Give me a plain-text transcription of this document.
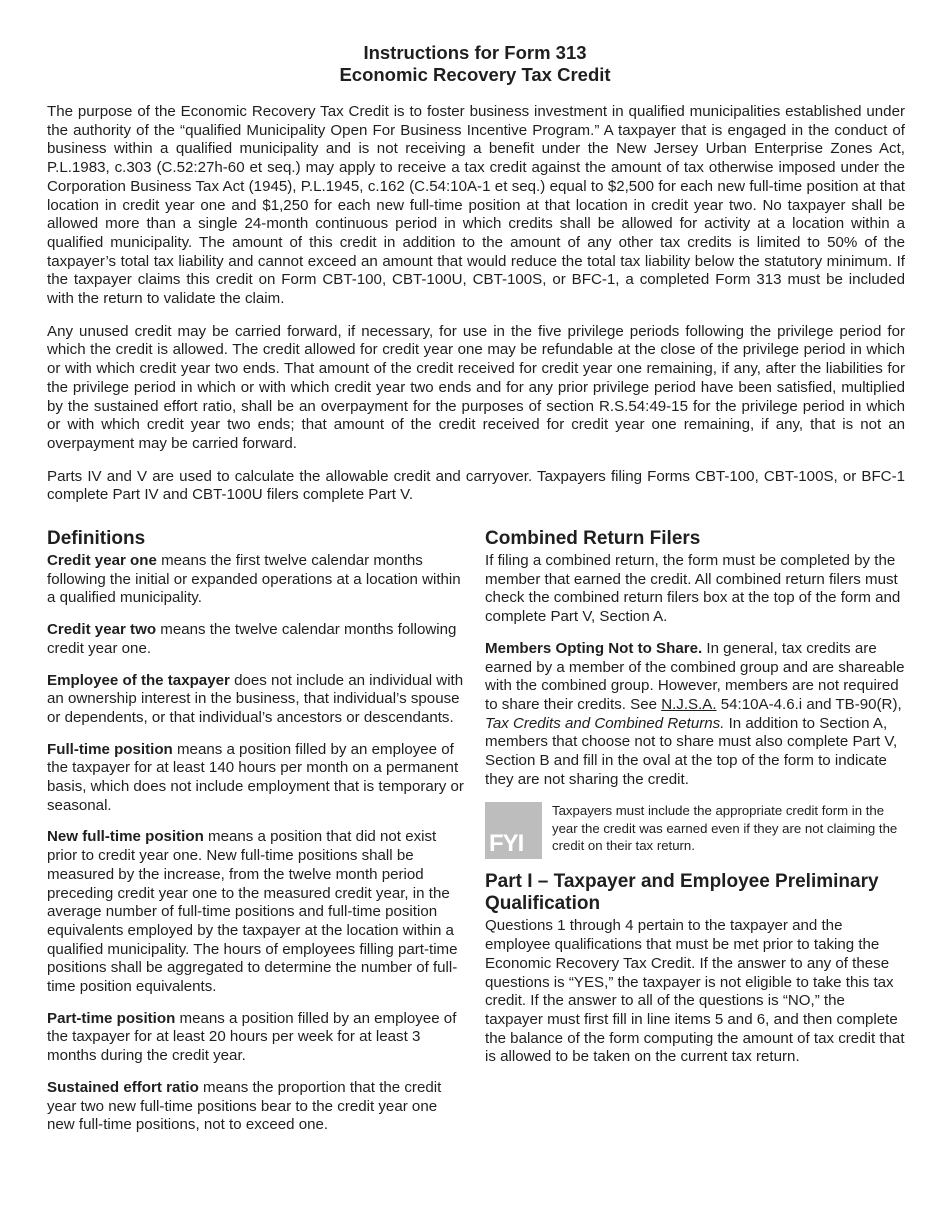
Instructions for Form 313
Economic Recovery Tax Credit

The purpose of the Economic Recovery Tax Credit is to foster business investment in qualified municipalities established under the authority of the “qualified Municipality Open For Business Incentive Program.” A taxpayer that is engaged in the conduct of business within a qualified municipality and is not receiving a benefit under the New Jersey Urban Enterprise Zones Act, P.L.1983, c.303 (C.52:27h-60 et seq.) may apply to receive a tax credit against the amount of tax otherwise imposed under the Corporation Business Tax Act (1945), P.L.1945, c.162 (C.54:10A-1 et seq.) equal to $2,500 for each new full-time position at that location in credit year one and $1,250 for each new full-time position at that location in credit year two. No taxpayer shall be allowed more than a single 24-month continuous period in which credits shall be allowed for activity at a location within a qualified municipality. The amount of this credit in addition to the amount of any other tax credits is limited to 50% of the taxpayer’s total tax liability and cannot exceed an amount that would reduce the total tax liability below the statutory minimum. If the taxpayer claims this credit on Form CBT-100, CBT-100U, CBT-100S, or BFC-1, a completed Form 313 must be included with the return to validate the claim.

Any unused credit may be carried forward, if necessary, for use in the five privilege periods following the privilege period for which the credit is allowed. The credit allowed for credit year one may be refundable at the close of the privilege period in which or with which credit year two ends. That amount of the credit received for credit year one remaining, if any, after the liabilities for the privilege period in which or with which credit year two ends and for any prior privilege period have been satisfied, multiplied by the sustained effort ratio, shall be an overpayment for the purposes of section R.S.54:49-15 for the privilege period in which or with which credit year two ends; that amount of the credit received for credit year one remaining, if any, that is not an overpayment may be carried forward.

Parts IV and V are used to calculate the allowable credit and carryover. Taxpayers filing Forms CBT-100, CBT-100S, or BFC-1 complete Part IV and CBT-100U filers complete Part V.

Definitions

Credit year one means the first twelve calendar months following the initial or expanded operations at a location within a qualified municipality.

Credit year two means the twelve calendar months following credit year one.

Employee of the taxpayer does not include an individual with an ownership interest in the business, that individual’s spouse or dependents, or that individual’s ancestors or descendants.

Full-time position means a position filled by an employee of the taxpayer for at least 140 hours per month on a permanent basis, which does not include employment that is temporary or seasonal.

New full-time position means a position that did not exist prior to credit year one. New full-time positions shall be measured by the increase, from the twelve month period preceding credit year one to the measured credit year, in the average number of full-time positions and full-time position equivalents employed by the taxpayer at the location within a qualified municipality. The hours of employees filling part-time positions shall be aggregated to determine the number of full-time position equivalents.

Part-time position means a position filled by an employee of the taxpayer for at least 20 hours per week for at least 3 months during the credit year.

Sustained effort ratio means the proportion that the credit year two new full-time positions bear to the credit year one new full-time positions, not to exceed one.

Combined Return Filers

If filing a combined return, the form must be completed by the member that earned the credit. All combined return filers must check the combined return filers box at the top of the form and complete Part V, Section A.

Members Opting Not to Share. In general, tax credits are earned by a member of the combined group and are shareable with the combined group. However, members are not required to share their credits. See N.J.S.A. 54:10A-4.6.i and TB-90(R), Tax Credits and Combined Returns. In addition to Section A, members that choose not to share must also complete Part V, Section B and fill in the oval at the top of the form to indicate they are not sharing the credit.

FYI
Taxpayers must include the appropriate credit form in the year the credit was earned even if they are not claiming the credit on their tax return.
Part I – Taxpayer and Employee Preliminary Qualification

Questions 1 through 4 pertain to the taxpayer and the employee qualifications that must be met prior to taking the Economic Recovery Tax Credit. If the answer to any of these questions is “YES,” the taxpayer is not eligible to take this tax credit. If the answer to all of the questions is “NO,” the taxpayer must first fill in line items 5 and 6, and then complete the balance of the form computing the amount of tax credit that is allowed to be taken on the current tax return.
